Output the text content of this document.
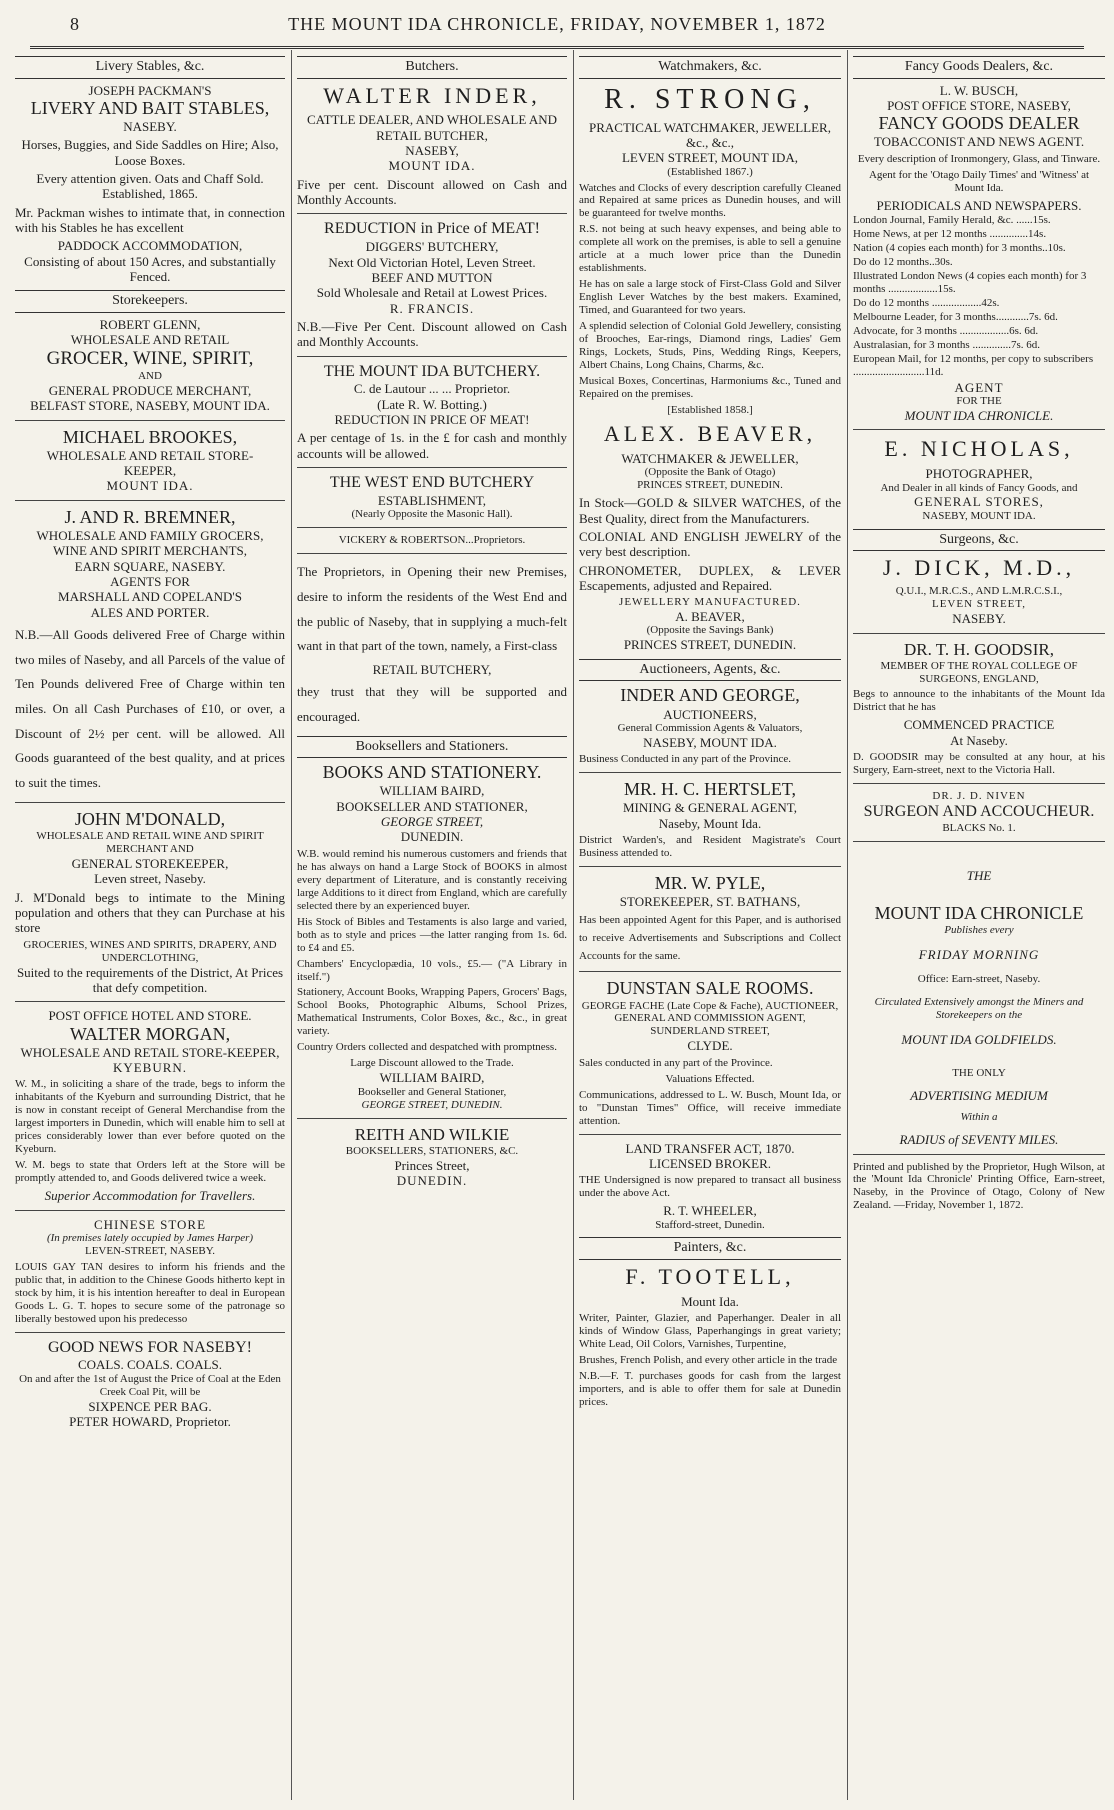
8	THE MOUNT IDA CHRONICLE, FRIDAY, NOVEMBER 1, 1872
Livery Stables, &c.
JOSEPH PACKMAN'S
LIVERY AND BAIT STABLES,
NASEBY.

Horses, Buggies, and Side Saddles on Hire; Also, Loose Boxes.

Every attention given. Oats and Chaff Sold. Established, 1865.

Mr. Packman wishes to intimate that, in connection with his Stables he has excellent

PADDOCK ACCOMMODATION,
Consisting of about 150 Acres, and substantially Fenced.
Storekeepers.
ROBERT GLENN,
WHOLESALE AND RETAIL
GROCER, WINE, SPIRIT,
AND
GENERAL PRODUCE MERCHANT,
BELFAST STORE, NASEBY, MOUNT IDA.
MICHAEL BROOKES,
WHOLESALE AND RETAIL STORE-
KEEPER,
MOUNT IDA.
J. AND R. BREMNER,
WHOLESALE AND FAMILY GROCERS,
WINE AND SPIRIT MERCHANTS,
EARN SQUARE, NASEBY.
AGENTS FOR
MARSHALL AND COPELAND'S
ALES AND PORTER.

N.B.—All Goods delivered Free of Charge within two miles of Naseby, and all Parcels of the value of Ten Pounds delivered Free of Charge within ten miles. On all Cash Purchases of £10, or over, a Discount of 2½ per cent. will be allowed. All Goods guaranteed of the best quality, and at prices to suit the times.

JOHN M'DONALD,
WHOLESALE AND RETAIL WINE AND SPIRIT MERCHANT AND
GENERAL STOREKEEPER,
Leven street, Naseby.

J. M'Donald begs to intimate to the Mining population and others that they can Purchase at his store

GROCERIES, WINES AND SPIRITS, DRAPERY, AND UNDERCLOTHING,
Suited to the requirements of the District, At Prices that defy competition.
POST OFFICE HOTEL AND STORE.
WALTER MORGAN,
WHOLESALE AND RETAIL STORE-KEEPER,
KYEBURN.

W. M., in soliciting a share of the trade, begs to inform the inhabitants of the Kyeburn and surrounding District, that he is now in constant receipt of General Merchandise from the largest importers in Dunedin, which will enable him to sell at prices considerably lower than ever before quoted on the Kyeburn.

W. M. begs to state that Orders left at the Store will be promptly attended to, and Goods delivered twice a week.

Superior Accommodation for Travellers.
CHINESE STORE
(In premises lately occupied by James Harper)
LEVEN-STREET, NASEBY.

LOUIS GAY TAN desires to inform his friends and the public that, in addition to the Chinese Goods hitherto kept in stock by him, it is his intention hereafter to deal in European Goods L. G. T. hopes to secure some of the patronage so liberally bestowed upon his predecesso

GOOD NEWS FOR NASEBY!
COALS. COALS. COALS.
On and after the 1st of August the Price of Coal at the Eden Creek Coal Pit, will be
SIXPENCE PER BAG.
PETER HOWARD, Proprietor.
Butchers.
WALTER INDER,
CATTLE DEALER, AND WHOLESALE AND RETAIL BUTCHER,
NASEBY,
MOUNT IDA.

Five per cent. Discount allowed on Cash and Monthly Accounts.

REDUCTION in Price of MEAT!
DIGGERS' BUTCHERY,
Next Old Victorian Hotel, Leven Street.
BEEF AND MUTTON
Sold Wholesale and Retail at Lowest Prices.
R. FRANCIS.

N.B.—Five Per Cent. Discount allowed on Cash and Monthly Accounts.

THE MOUNT IDA BUTCHERY.
C. de Lautour ... ... Proprietor.
(Late R. W. Botting.)
REDUCTION IN PRICE OF MEAT!

A per centage of 1s. in the £ for cash and monthly accounts will be allowed.

THE WEST END BUTCHERY
ESTABLISHMENT,
(Nearly Opposite the Masonic Hall).
VICKERY & ROBERTSON...Proprietors.

The Proprietors, in Opening their new Premises, desire to inform the residents of the West End and the public of Naseby, that in supplying a much-felt want in that part of the town, namely, a First-class

RETAIL BUTCHERY,

they trust that they will be supported and encouraged.

Booksellers and Stationers.
BOOKS AND STATIONERY.
WILLIAM BAIRD,
BOOKSELLER AND STATIONER,
GEORGE STREET,
DUNEDIN.

W.B. would remind his numerous customers and friends that he has always on hand a Large Stock of BOOKS in almost every department of Literature, and is constantly receiving large Additions to it direct from England, which are carefully selected there by an experienced buyer.

His Stock of Bibles and Testaments is also large and varied, both as to style and prices —the latter ranging from 1s. 6d. to £4 and £5.

Chambers' Encyclopædia, 10 vols., £5.— ("A Library in itself.")

Stationery, Account Books, Wrapping Papers, Grocers' Bags, School Books, Photographic Albums, School Prizes, Mathematical Instruments, Color Boxes, &c., &c., in great variety.

Country Orders collected and despatched with promptness.

Large Discount allowed to the Trade.
WILLIAM BAIRD,
Bookseller and General Stationer,
GEORGE STREET, DUNEDIN.
REITH AND WILKIE
BOOKSELLERS, STATIONERS, &C.
Princes Street,
DUNEDIN.
Watchmakers, &c.
R. STRONG,
PRACTICAL WATCHMAKER, JEWELLER, &c., &c.,
LEVEN STREET, MOUNT IDA,
(Established 1867.)

Watches and Clocks of every description carefully Cleaned and Repaired at same prices as Dunedin houses, and will be guaranteed for twelve months.

R.S. not being at such heavy expenses, and being able to complete all work on the premises, is able to sell a genuine article at a much lower price than the Dunedin establishments.

He has on sale a large stock of First-Class Gold and Silver English Lever Watches by the best makers. Examined, Timed, and Guaranteed for two years.

A splendid selection of Colonial Gold Jewellery, consisting of Brooches, Ear-rings, Diamond rings, Ladies' Gem Rings, Lockets, Studs, Pins, Wedding Rings, Keepers, Albert Chains, Long Chains, Charms, &c.

Musical Boxes, Concertinas, Harmoniums &c., Tuned and Repaired on the premises.

[Established 1858.]
ALEX. BEAVER,
WATCHMAKER & JEWELLER,
(Opposite the Bank of Otago)
PRINCES STREET, DUNEDIN.

In Stock—GOLD & SILVER WATCHES, of the Best Quality, direct from the Manufacturers.

COLONIAL AND ENGLISH JEWELRY of the very best description.

CHRONOMETER, DUPLEX, & LEVER Escapements, adjusted and Repaired.

JEWELLERY MANUFACTURED.
A. BEAVER,
(Opposite the Savings Bank)
PRINCES STREET, DUNEDIN.
Auctioneers, Agents, &c.
INDER AND GEORGE,
AUCTIONEERS,
General Commission Agents & Valuators,
NASEBY, MOUNT IDA.

Business Conducted in any part of the Province.

MR. H. C. HERTSLET,
MINING & GENERAL AGENT,
Naseby, Mount Ida.

District Warden's, and Resident Magistrate's Court Business attended to.

MR. W. PYLE,
STOREKEEPER, ST. BATHANS,

Has been appointed Agent for this Paper, and is authorised to receive Advertisements and Subscriptions and Collect Accounts for the same.

DUNSTAN SALE ROOMS.
GEORGE FACHE (Late Cope & Fache), AUCTIONEER,
GENERAL AND COMMISSION AGENT,
SUNDERLAND STREET,
CLYDE.

Sales conducted in any part of the Province.

Valuations Effected.

Communications, addressed to L. W. Busch, Mount Ida, or to "Dunstan Times" Office, will receive immediate attention.

LAND TRANSFER ACT, 1870.
LICENSED BROKER.

THE Undersigned is now prepared to transact all business under the above Act.

R. T. WHEELER,
Stafford-street, Dunedin.
Painters, &c.
F. TOOTELL,
Mount Ida.

Writer, Painter, Glazier, and Paperhanger. Dealer in all kinds of Window Glass, Paperhangings in great variety; White Lead, Oil Colors, Varnishes, Turpentine,

Brushes, French Polish, and every other article in the trade

N.B.—F. T. purchases goods for cash from the largest importers, and is able to offer them for sale at Dunedin prices.

Fancy Goods Dealers, &c.
L. W. BUSCH,
POST OFFICE STORE, NASEBY,
FANCY GOODS DEALER
TOBACCONIST AND NEWS AGENT.

Every description of Ironmongery, Glass, and Tinware.

Agent for the 'Otago Daily Times' and 'Witness' at Mount Ida.

PERIODICALS AND NEWSPAPERS.
London Journal, Family Herald, &c. ......15s.
Home News, at per 12 months ..............14s.
Nation (4 copies each month) for 3 months..10s.
Do do 12 months..30s.
Illustrated London News (4 copies each month) for 3 months ..................15s.
Do do 12 months ..................42s.
Melbourne Leader, for 3 months............7s. 6d.
Advocate, for 3 months ..................6s. 6d.
Australasian, for 3 months ..............7s. 6d.
European Mail, for 12 months, per copy to subscribers ..........................11d.
AGENT
FOR THE
MOUNT IDA CHRONICLE.
E. NICHOLAS,
PHOTOGRAPHER,
And Dealer in all kinds of Fancy Goods, and
GENERAL STORES,
NASEBY, MOUNT IDA.
Surgeons, &c.
J. DICK, M.D.,
Q.U.I., M.R.C.S., AND L.M.R.C.S.I.,
LEVEN STREET,
NASEBY.
DR. T. H. GOODSIR,
MEMBER OF THE ROYAL COLLEGE OF SURGEONS, ENGLAND,

Begs to announce to the inhabitants of the Mount Ida District that he has

COMMENCED PRACTICE
At Naseby.

D. GOODSIR may be consulted at any hour, at his Surgery, Earn-street, next to the Victoria Hall.

DR. J. D. NIVEN
SURGEON AND ACCOUCHEUR.
BLACKS No. 1.
THE
MOUNT IDA CHRONICLE
Publishes every
FRIDAY MORNING
Office: Earn-street, Naseby.
Circulated Extensively amongst the Miners and Storekeepers on the
MOUNT IDA GOLDFIELDS.
THE ONLY
ADVERTISING MEDIUM
Within a
RADIUS of SEVENTY MILES.

Printed and published by the Proprietor, Hugh Wilson, at the 'Mount Ida Chronicle' Printing Office, Earn-street, Naseby, in the Province of Otago, Colony of New Zealand. —Friday, November 1, 1872.
